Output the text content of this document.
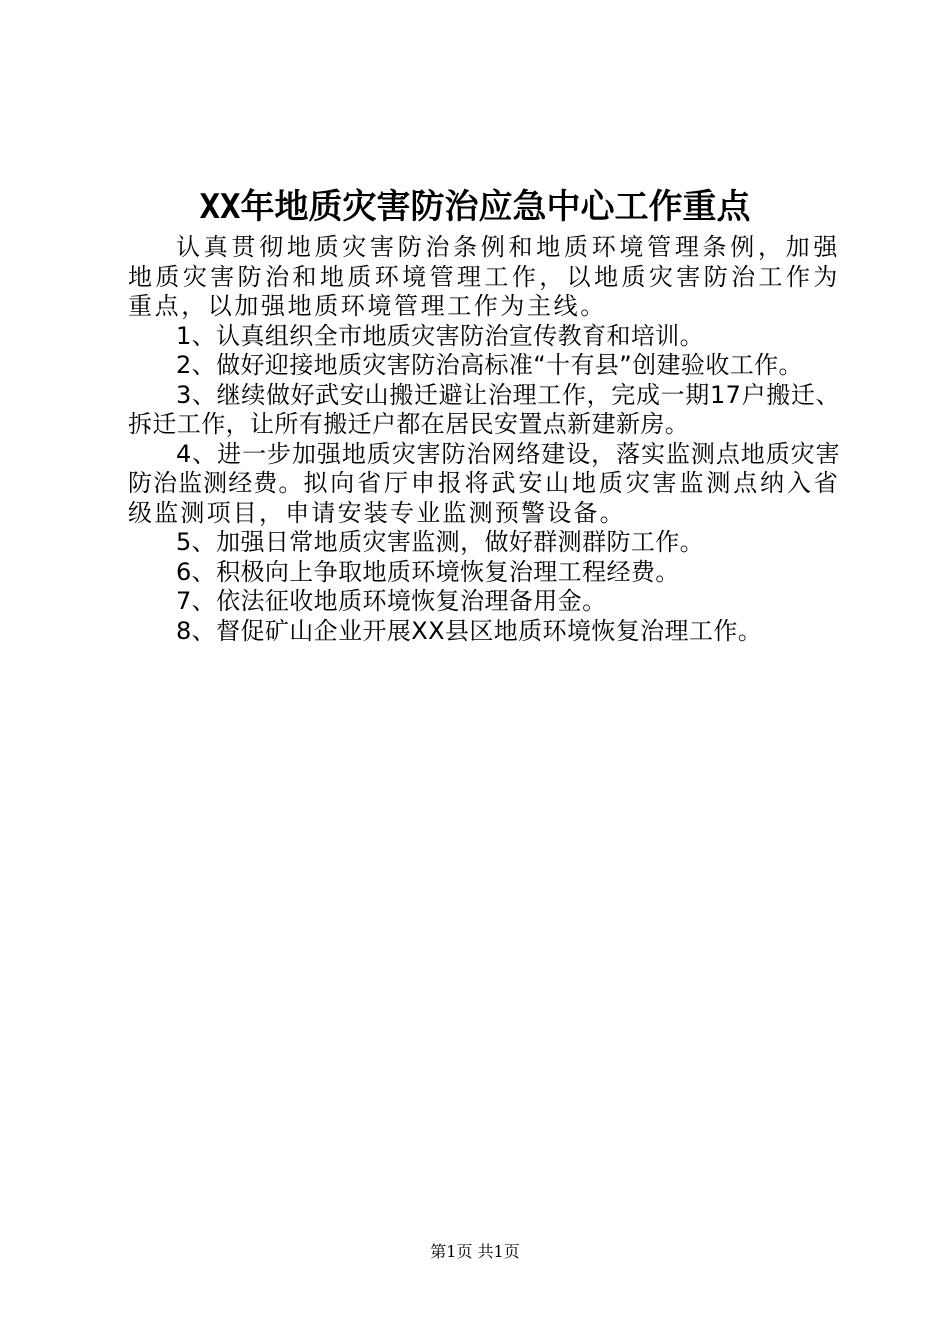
XX年地质灾害防治应急中心工作重点

认真贯彻地质灾害防治条例和地质环境管理条例，加强地质灾害防治和地质环境管理工作，以地质灾害防治工作为重点，以加强地质环境管理工作为主线。

1、认真组织全市地质灾害防治宣传教育和培训。

2、做好迎接地质灾害防治高标准“十有县”创建验收工作。

3、继续做好武安山搬迁避让治理工作，完成一期17户搬迁、拆迁工作，让所有搬迁户都在居民安置点新建新房。

4、进一步加强地质灾害防治网络建设，落实监测点地质灾害防治监测经费。拟向省厅申报将武安山地质灾害监测点纳入省级监测项目，申请安装专业监测预警设备。

5、加强日常地质灾害监测，做好群测群防工作。

6、积极向上争取地质环境恢复治理工程经费。

7、依法征收地质环境恢复治理备用金。

8、督促矿山企业开展XX县区地质环境恢复治理工作。

第1页 共1页
